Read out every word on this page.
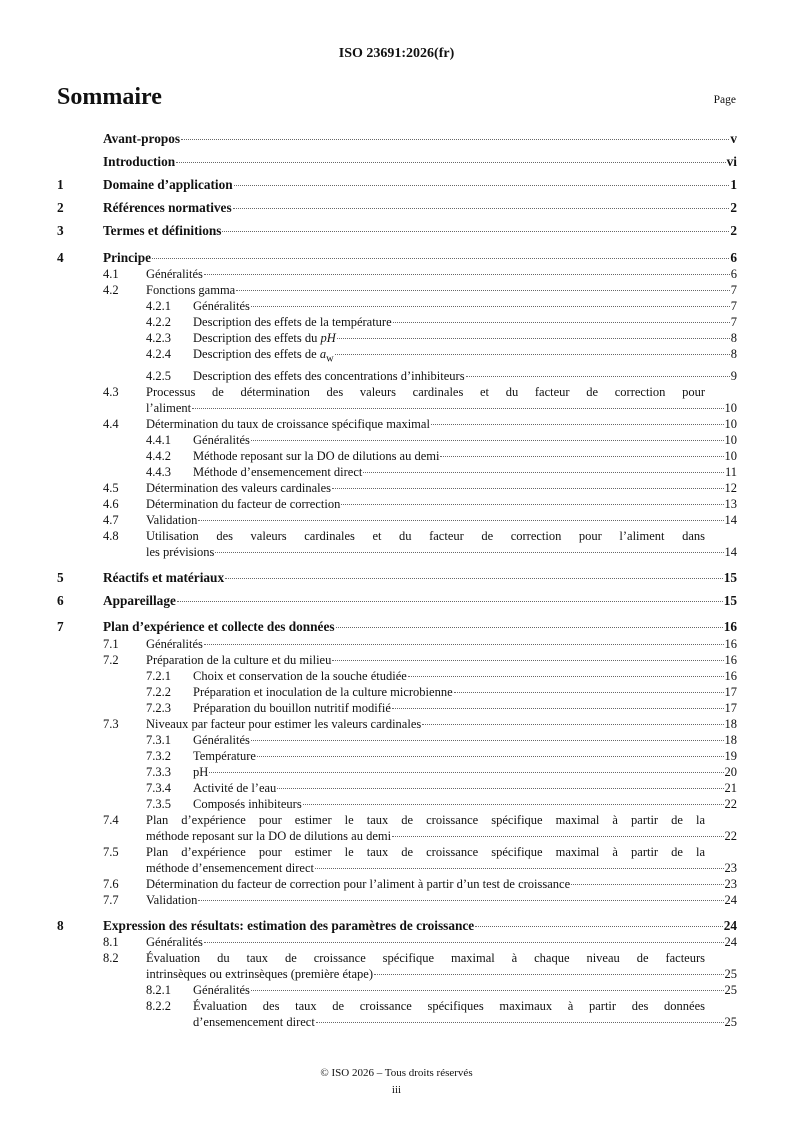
ISO 23691:2026(fr)
Sommaire	Page
Avant-propos	v
Introduction	vi
1	Domaine d’application	1
2	Références normatives	2
3	Termes et définitions	2
4	Principe	6
4.1	Généralités	6
4.2	Fonctions gamma	7
4.2.1	Généralités	7
4.2.2	Description des effets de la température	7
4.2.3	Description des effets du pH	8
4.2.4	Description des effets de $a_w$	8
4.2.5	Description des effets des concentrations d’inhibiteurs	9
4.3	Processus de détermination des valeurs cardinales et du facteur de correction pour
l’aliment	10
4.4	Détermination du taux de croissance spécifique maximal	10
4.4.1	Généralités	10
4.4.2	Méthode reposant sur la DO de dilutions au demi	10
4.4.3	Méthode d’ensemencement direct	11
4.5	Détermination des valeurs cardinales	12
4.6	Détermination du facteur de correction	13
4.7	Validation	14
4.8	Utilisation des valeurs cardinales et du facteur de correction pour l’aliment dans
les prévisions	14
5	Réactifs et matériaux	15
6	Appareillage	15
7	Plan d’expérience et collecte des données	16
7.1	Généralités	16
7.2	Préparation de la culture et du milieu	16
7.2.1	Choix et conservation de la souche étudiée	16
7.2.2	Préparation et inoculation de la culture microbienne	17
7.2.3	Préparation du bouillon nutritif modifié	17
7.3	Niveaux par facteur pour estimer les valeurs cardinales	18
7.3.1	Généralités	18
7.3.2	Température	19
7.3.3	pH	20
7.3.4	Activité de l’eau	21
7.3.5	Composés inhibiteurs	22
7.4	Plan d’expérience pour estimer le taux de croissance spécifique maximal à partir de la
méthode reposant sur la DO de dilutions au demi	22
7.5	Plan d’expérience pour estimer le taux de croissance spécifique maximal à partir de la
méthode d’ensemencement direct	23
7.6	Détermination du facteur de correction pour l’aliment à partir d’un test de croissance	23
7.7	Validation	24
8	Expression des résultats: estimation des paramètres de croissance	24
8.1	Généralités	24
8.2	Évaluation du taux de croissance spécifique maximal à chaque niveau de facteurs
intrinsèques ou extrinsèques (première étape)	25
8.2.1	Généralités	25
8.2.2	Évaluation des taux de croissance spécifiques maximaux à partir des données
d’ensemencement direct	25
© ISO 2026 – Tous droits réservés
iii
